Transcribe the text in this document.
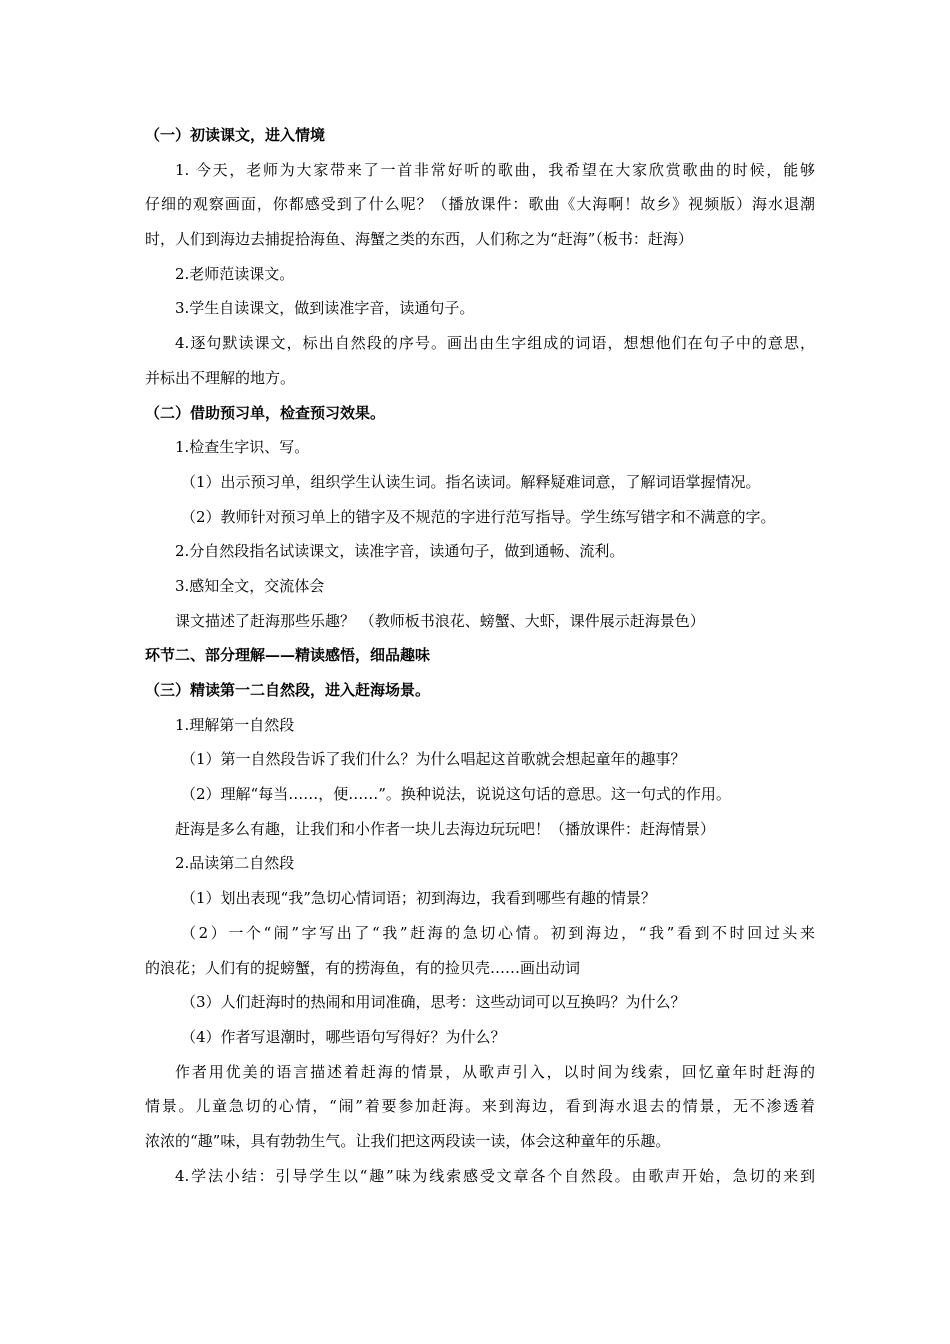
（一）初读课文，进入情境
1. 今天，老师为大家带来了一首非常好听的歌曲，我希望在大家欣赏歌曲的时候，能够
仔细的观察画面，你都感受到了什么呢？（播放课件：歌曲《大海啊！故乡》视频版）海水退潮
时，人们到海边去捕捉拾海鱼、海蟹之类的东西，人们称之为“赶海”（板书：赶海）
2.老师范读课文。
3.学生自读课文，做到读准字音，读通句子。
4.逐句默读课文，标出自然段的序号。画出由生字组成的词语，想想他们在句子中的意思，
并标出不理解的地方。
（二）借助预习单，检查预习效果。
1.检查生字识、写。
（1）出示预习单，组织学生认读生词。指名读词。解释疑难词意，了解词语掌握情况。
（2）教师针对预习单上的错字及不规范的字进行范写指导。学生练写错字和不满意的字。
2.分自然段指名试读课文，读准字音，读通句子，做到通畅、流利。
3.感知全文，交流体会
课文描述了赶海那些乐趣？ （教师板书浪花、螃蟹、大虾，课件展示赶海景色）
环节二、部分理解——精读感悟，细品趣味
（三）精读第一二自然段，进入赶海场景。
1.理解第一自然段
（1）第一自然段告诉了我们什么？为什么唱起这首歌就会想起童年的趣事？
（2）理解“每当……，便……”。换种说法，说说这句话的意思。这一句式的作用。
赶海是多么有趣，让我们和小作者一块儿去海边玩玩吧！（播放课件：赶海情景）
2.品读第二自然段
（1）划出表现“我”急切心情词语；初到海边，我看到哪些有趣的情景？
（2）一个“闹”字写出了“我”赶海的急切心情。初到海边，“我”看到不时回过头来
的浪花；人们有的捉螃蟹，有的捞海鱼，有的捡贝壳……画出动词
（3）人们赶海时的热闹和用词准确，思考：这些动词可以互换吗？为什么？
（4）作者写退潮时，哪些语句写得好？为什么？
作者用优美的语言描述着赶海的情景，从歌声引入，以时间为线索，回忆童年时赶海的
情景。儿童急切的心情，“闹”着要参加赶海。来到海边，看到海水退去的情景，无不渗透着
浓浓的“趣”味，具有勃勃生气。让我们把这两段读一读，体会这种童年的乐趣。
4.学法小结：引导学生以“趣”味为线索感受文章各个自然段。由歌声开始，急切的来到
